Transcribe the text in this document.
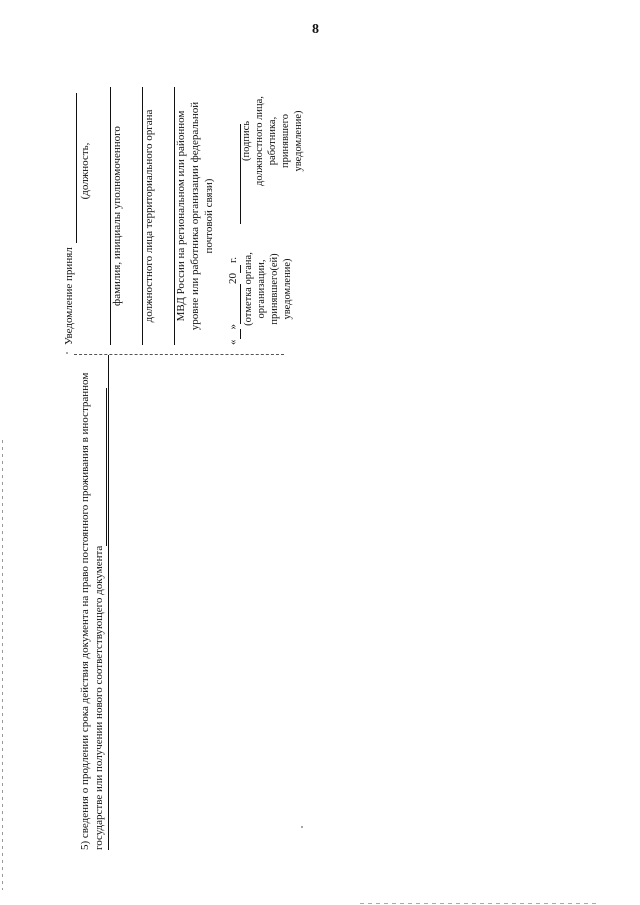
8
5) сведения о продлении срока действия документа на право постоянного проживания в иностранном государстве или получении нового соответствующего документа
Уведомление принял
(должность, фамилия, инициалы уполномоченного должностного лица территориального органа МВД России на региональном или районном уровне или работника организации федеральной почтовой связи)
« » 20 г. (отметка органа, организации, принявшего(ей) уведомление)
(подпись должностного лица, работника, принявшего уведомление)
